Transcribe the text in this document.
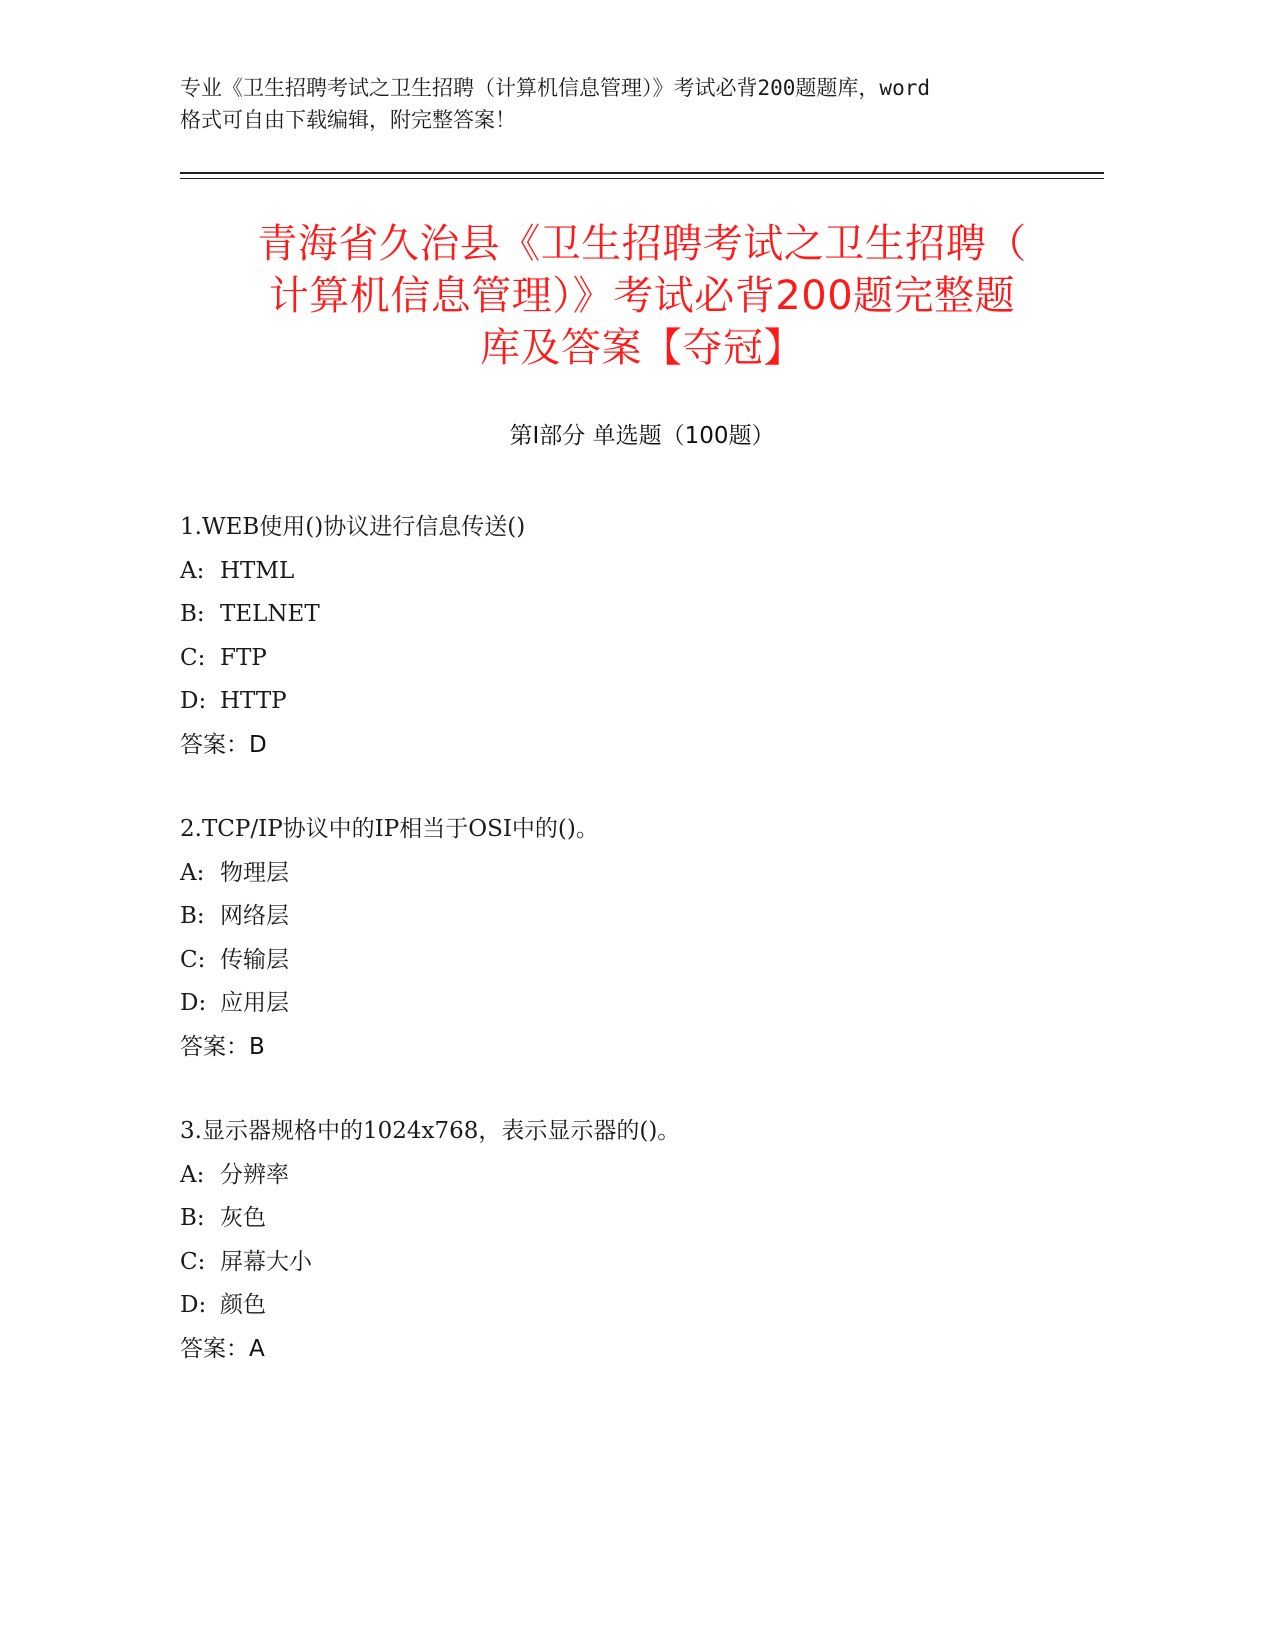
专业《卫生招聘考试之卫生招聘（计算机信息管理）》考试必背200题题库，word
格式可自由下载编辑，附完整答案！
青海省久治县《卫生招聘考试之卫生招聘（
计算机信息管理）》考试必背200题完整题
库及答案【夺冠】
第Ⅰ部分 单选题（100题）
1.WEB使用()协议进行信息传送()
A: HTML
B: TELNET
C: FTP
D: HTTP
答案：D
2.TCP/IP协议中的IP相当于OSI中的()。
A: 物理层
B: 网络层
C: 传输层
D: 应用层
答案：B
3.显示器规格中的1024x768，表示显示器的()。
A: 分辨率
B: 灰色
C: 屏幕大小
D: 颜色
答案：A
